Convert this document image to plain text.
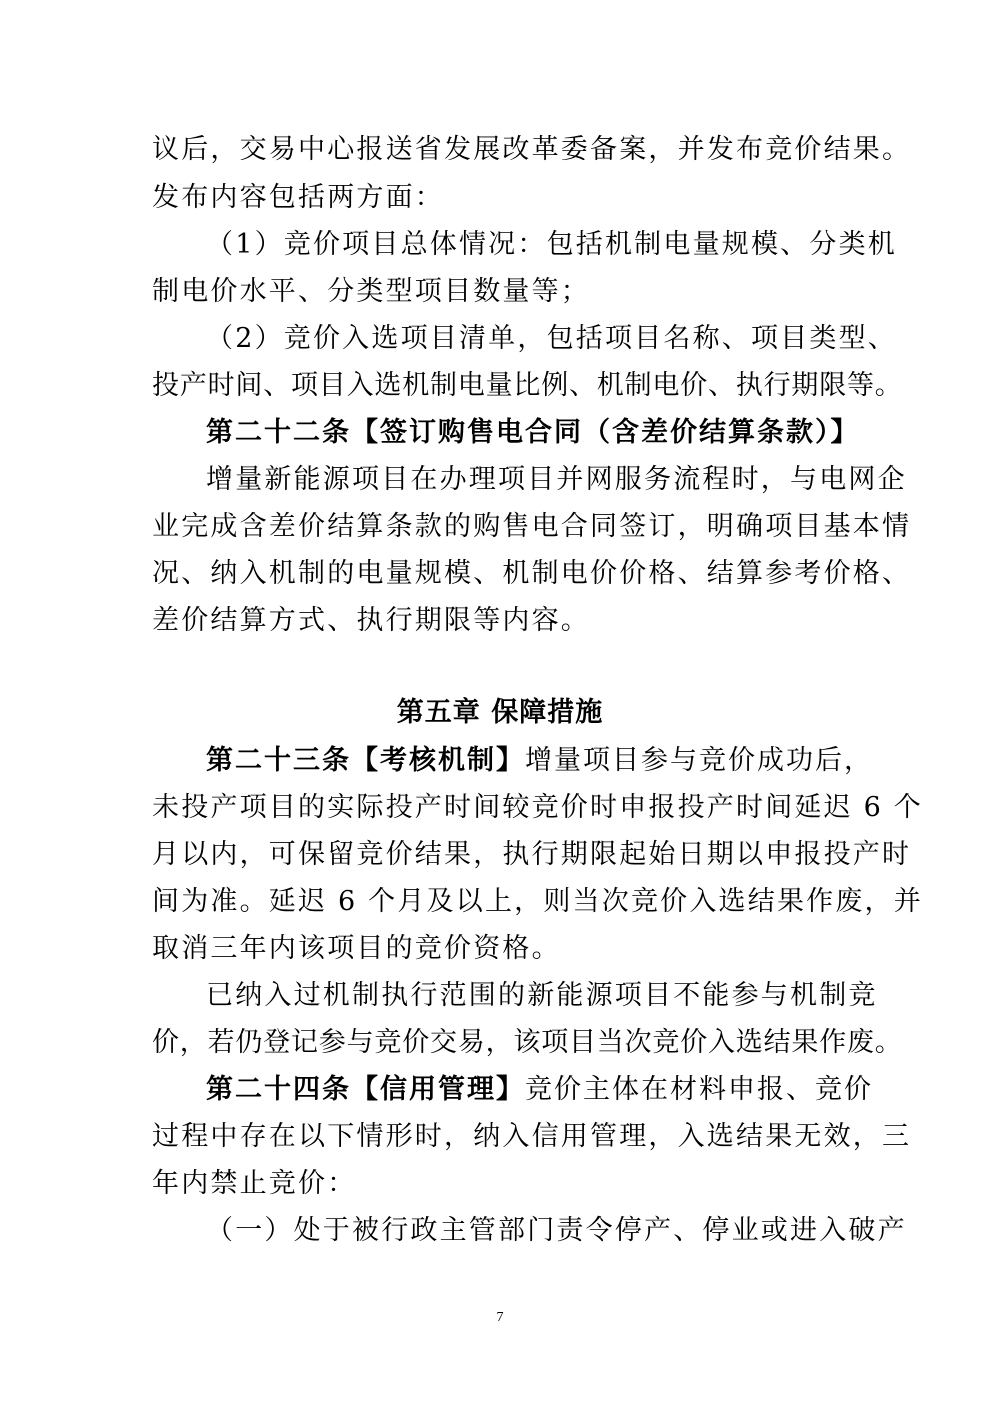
议后，交易中心报送省发展改革委备案，并发布竞价结果。
发布内容包括两方面：
（1）竞价项目总体情况：包括机制电量规模、分类机
制电价水平、分类型项目数量等；
（2）竞价入选项目清单，包括项目名称、项目类型、
投产时间、项目入选机制电量比例、机制电价、执行期限等。
第二十二条 【签订购售电合同（含差价结算条款）】
增量新能源项目在办理项目并网服务流程时，与电网企
业完成含差价结算条款的购售电合同签订，明确项目基本情
况、纳入机制的电量规模、机制电价价格、结算参考价格、
差价结算方式、执行期限等内容。
第五章 保障措施
第二十三条 【考核机制】增量项目参与竞价成功后，
未投产项目的实际投产时间较竞价时申报投产时间延迟 6 个
月以内，可保留竞价结果，执行期限起始日期以申报投产时
间为准。延迟 6 个月及以上，则当次竞价入选结果作废，并
取消三年内该项目的竞价资格。
已纳入过机制执行范围的新能源项目不能参与机制竞
价，若仍登记参与竞价交易，该项目当次竞价入选结果作废。
第二十四条 【信用管理】竞价主体在材料申报、竞价
过程中存在以下情形时，纳入信用管理，入选结果无效，三
年内禁止竞价：
（一）处于被行政主管部门责令停产、停业或进入破产
7
